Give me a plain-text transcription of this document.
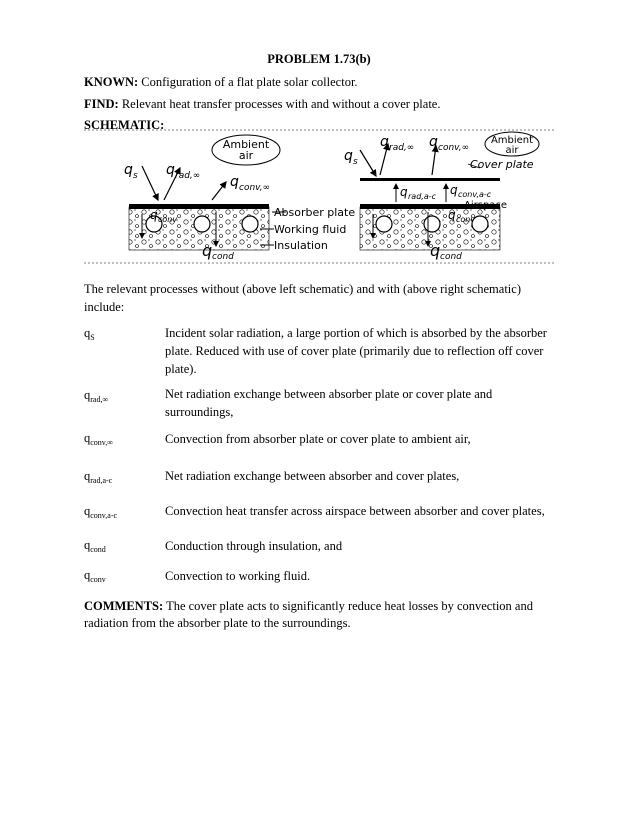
PROBLEM 1.73(b)
KNOWN: Configuration of a flat plate solar collector.
FIND: Relevant heat transfer processes with and without a cover plate.
SCHEMATIC:
Ambient
air
q s q rad,∞ q conv,∞
q conv
q cond
Absorber plate
Working fluid
Insulation
Ambient
air
q s
q rad,∞ q conv,∞
Cover plate
q rad,a-c q conv,a-c
Airspace
q conv
q cond
The relevant processes without (above left schematic) and with (above right schematic) include:
$q_S$	Incident solar radiation, a large portion of which is absorbed by the absorber plate. Reduced with use of cover plate (primarily due to reflection off cover plate).
$q_{rad,\infty}$	Net radiation exchange between absorber plate or cover plate and surroundings,
$q_{conv,\infty}$	Convection from absorber plate or cover plate to ambient air,
$q_{rad,a-c}$	Net radiation exchange between absorber and cover plates,
$q_{conv,a-c}$	Convection heat transfer across airspace between absorber and cover plates,
$q_{cond}$	Conduction through insulation, and
$q_{conv}$	Convection to working fluid.
COMMENTS: The cover plate acts to significantly reduce heat losses by convection and radiation from the absorber plate to the surroundings.
